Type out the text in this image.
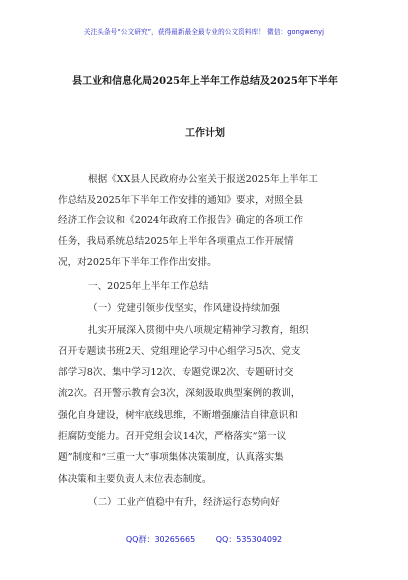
关注头条号“公文研究”，获得最新最全最专业的公文资料库！ 微信：gongwenyj
县工业和信息化局2025年上半年工作总结及2025年下半年
工作计划
根据《XX县人民政府办公室关于报送2025年上半年工
作总结及2025年下半年工作安排的通知》要求，对照全县
经济工作会议和《2024年政府工作报告》确定的各项工作
任务，我局系统总结2025年上半年各项重点工作开展情
况，对2025年下半年工作作出安排。
一、2025年上半年工作总结
（一）党建引领步伐坚实，作风建设持续加强
扎实开展深入贯彻中央八项规定精神学习教育，组织
召开专题读书班2天、党组理论学习中心组学习5次、党支
部学习8次、集中学习12次、专题党课2次、专题研讨交
流2次。召开警示教育会3次，深刻汲取典型案例的教训，
强化自身建设，树牢底线思维，不断增强廉洁自律意识和
拒腐防变能力。召开党组会议14次，严格落实“第一议
题”制度和“三重一大”事项集体决策制度，认真落实集
体决策和主要负责人末位表态制度。
（二）工业产值稳中有升，经济运行态势向好
QQ群：30265665	QQ：535304092
